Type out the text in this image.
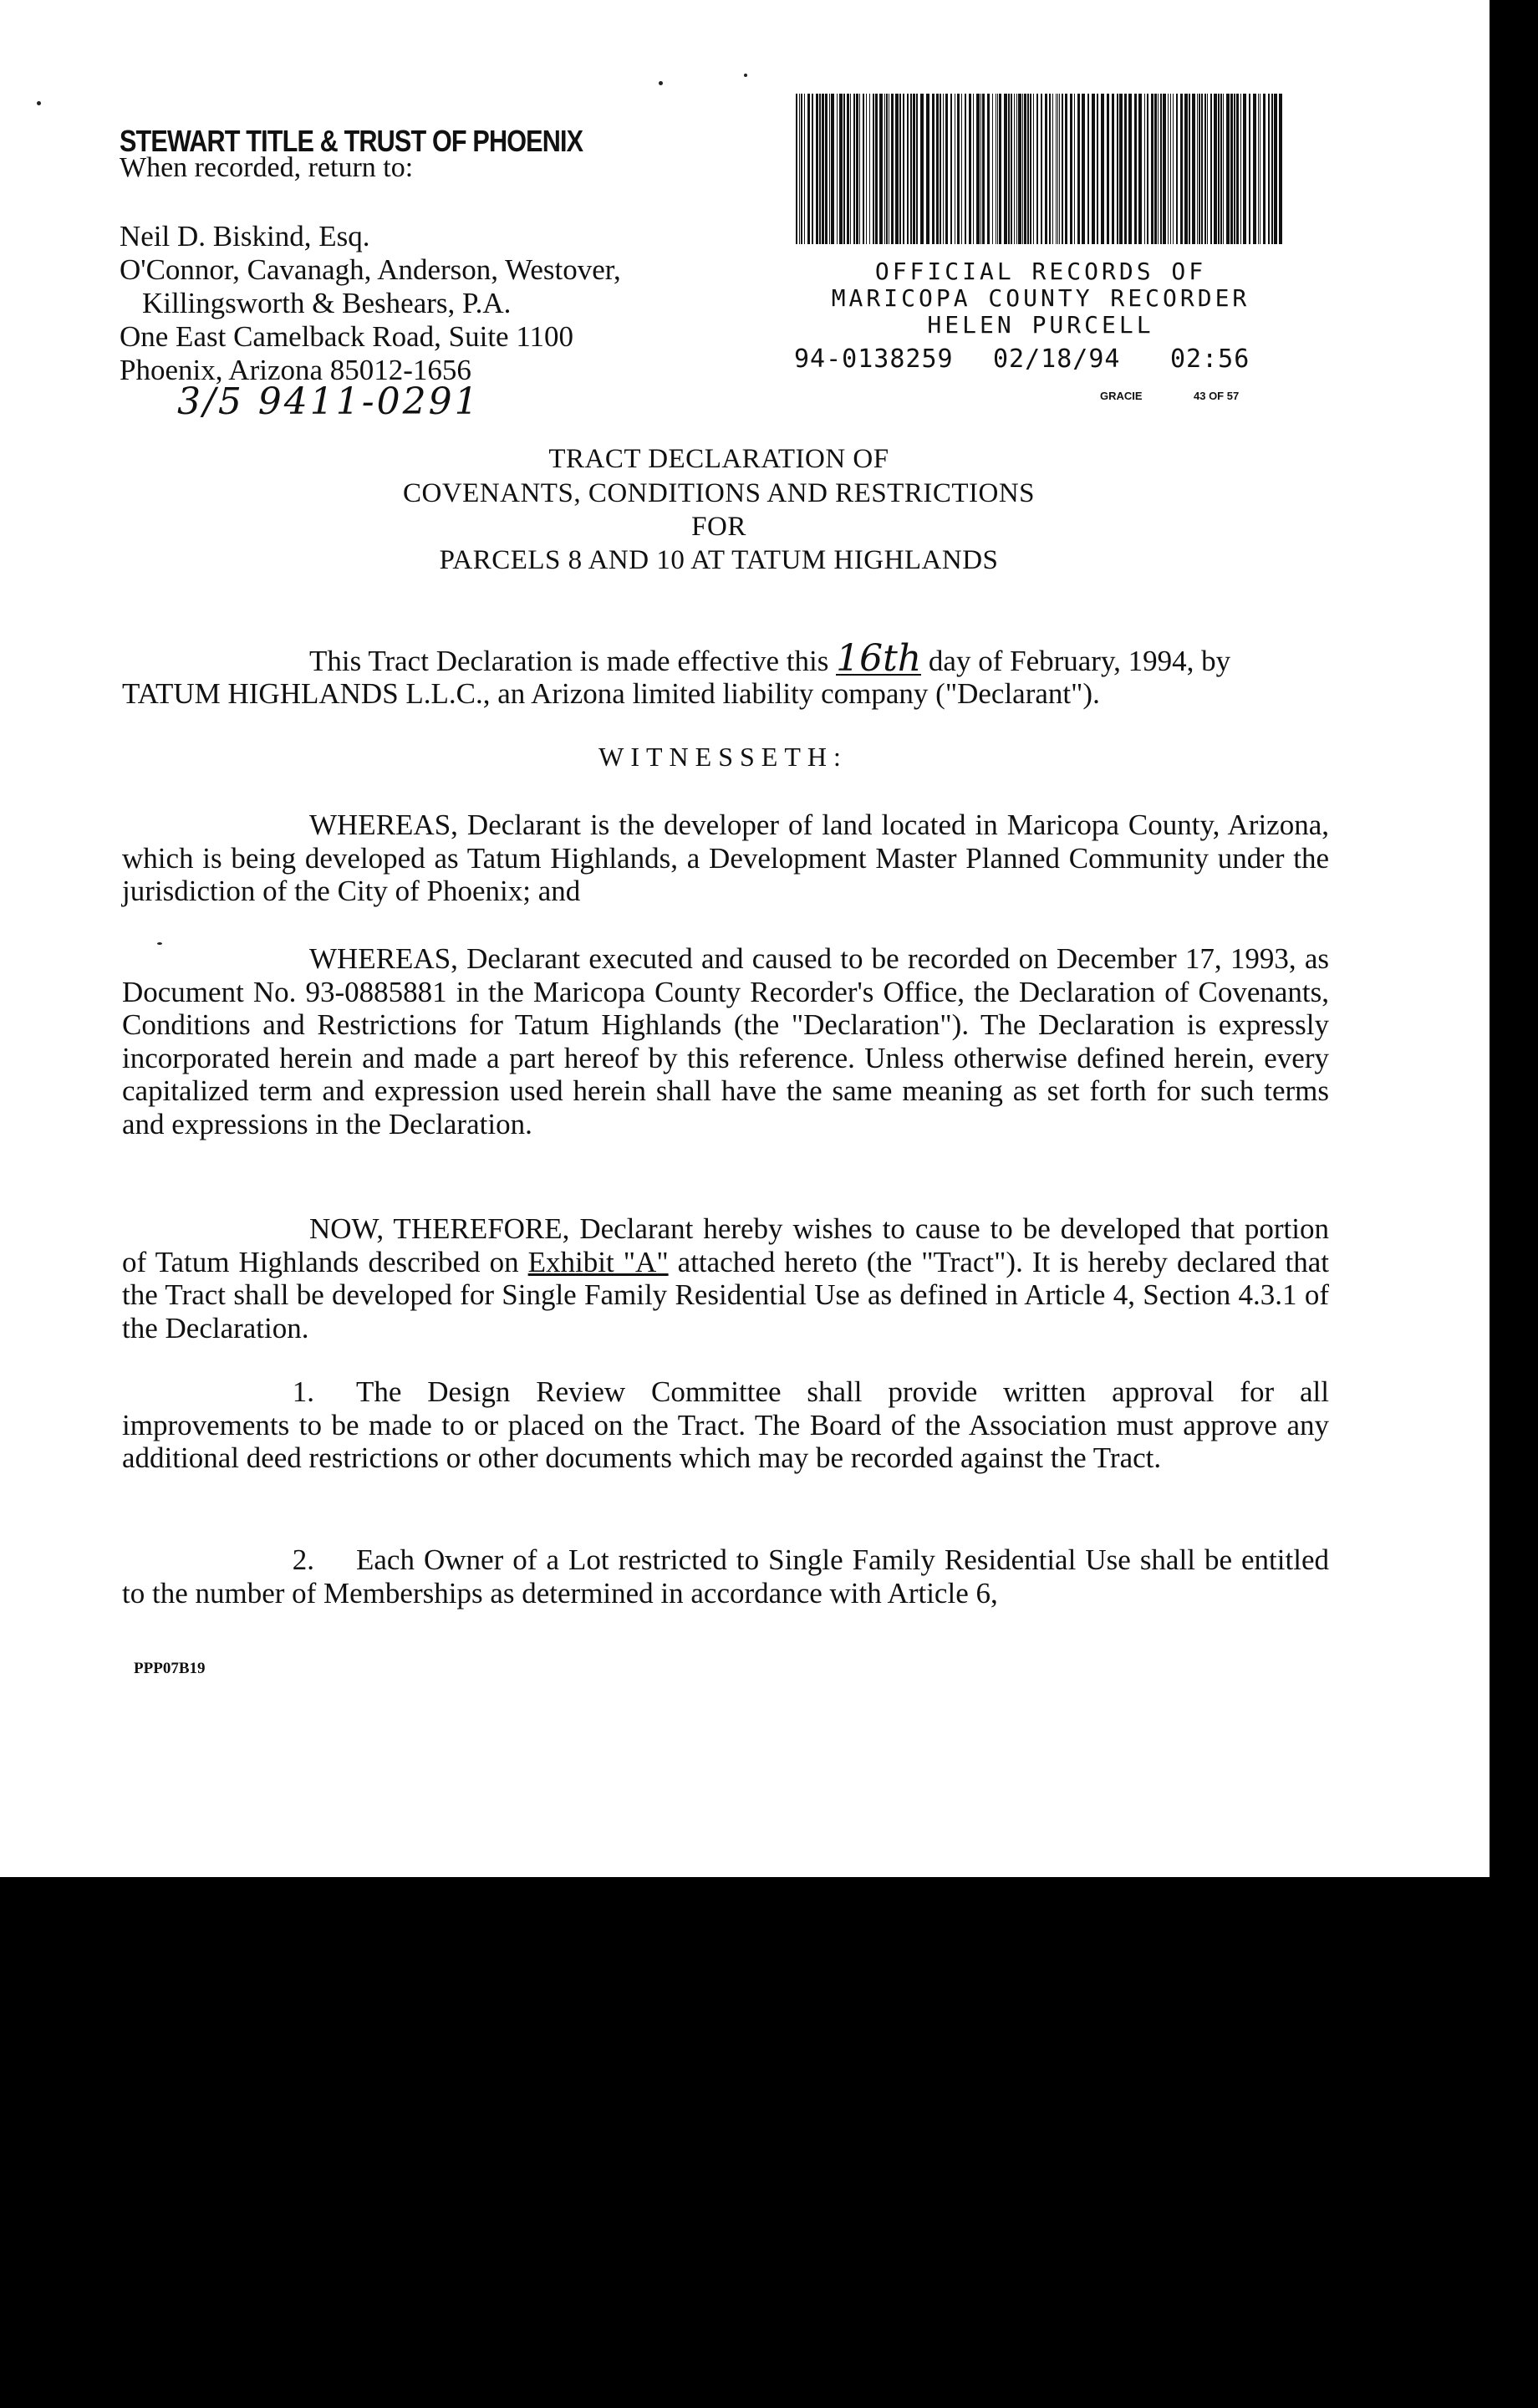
STEWART TITLE & TRUST OF PHOENIX
When recorded, return to:
Neil D. Biskind, Esq.
O'Connor, Cavanagh, Anderson, Westover,
Killingsworth & Beshears, P.A.
One East Camelback Road, Suite 1100
Phoenix, Arizona 85012-1656
3/5 9411-0291
OFFICIAL RECORDS OF
MARICOPA COUNTY RECORDER
HELEN PURCELL
94-0138259 02/18/94 02:56
GRACIE	43 OF 57
TRACT DECLARATION OF
COVENANTS, CONDITIONS AND RESTRICTIONS
FOR
PARCELS 8 AND 10 AT TATUM HIGHLANDS
This Tract Declaration is made effective this 16th day of February, 1994, by
TATUM HIGHLANDS L.L.C., an Arizona limited liability company ("Declarant").
WITNESSETH:
WHEREAS, Declarant is the developer of land located in Maricopa County, Arizona, which is being developed as Tatum Highlands, a Development Master Planned Community under the jurisdiction of the City of Phoenix; and
WHEREAS, Declarant executed and caused to be recorded on December 17, 1993, as Document No. 93-0885881 in the Maricopa County Recorder's Office, the Declaration of Covenants, Conditions and Restrictions for Tatum Highlands (the "Declaration"). The Declaration is expressly incorporated herein and made a part hereof by this reference. Unless otherwise defined herein, every capitalized term and expression used herein shall have the same meaning as set forth for such terms and expressions in the Declaration.
NOW, THEREFORE, Declarant hereby wishes to cause to be developed that portion of Tatum Highlands described on Exhibit "A" attached hereto (the "Tract"). It is hereby declared that the Tract shall be developed for Single Family Residential Use as defined in Article 4, Section 4.3.1 of the Declaration.
1. The Design Review Committee shall provide written approval for all improvements to be made to or placed on the Tract. The Board of the Association must approve any additional deed restrictions or other documents which may be recorded against the Tract.
2. Each Owner of a Lot restricted to Single Family Residential Use shall be entitled to the number of Memberships as determined in accordance with Article 6,
PPP07B19
